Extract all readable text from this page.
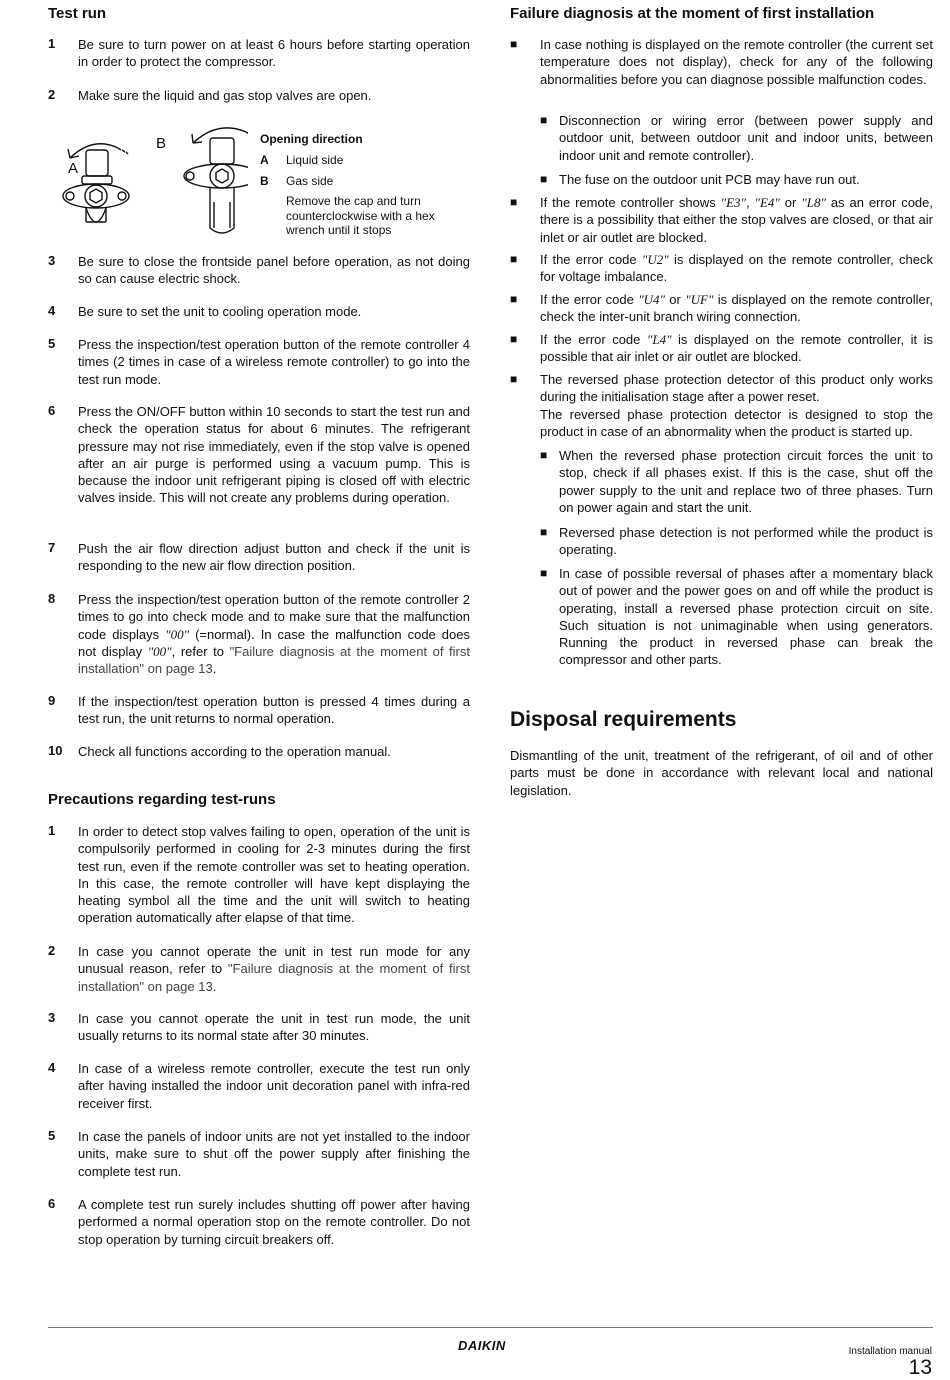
Test run
1 Be sure to turn power on at least 6 hours before starting operation in order to protect the compressor.
2 Make sure the liquid and gas stop valves are open.
A
B	Opening direction
A Liquid side
B Gas side
Remove the cap and turn counterclockwise with a hex wrench until it stops
3 Be sure to close the frontside panel before operation, as not doing so can cause electric shock.
4 Be sure to set the unit to cooling operation mode.
5 Press the inspection/test operation button of the remote controller 4 times (2 times in case of a wireless remote controller) to go into the test run mode.
6 Press the ON/OFF button within 10 seconds to start the test run and check the operation status for about 6 minutes. The refrigerant pressure may not rise immediately, even if the stop valve is opened after an air purge is performed using a vacuum pump. This is because the indoor unit refrigerant piping is closed off with electric valves inside. This will not create any problems during operation.
7 Push the air flow direction adjust button and check if the unit is responding to the new air flow direction position.
8 Press the inspection/test operation button of the remote controller 2 times to go into check mode and to make sure that the malfunction code displays "00" (=normal). In case the malfunction code does not display "00", refer to "Failure diagnosis at the moment of first installation" on page 13.
9 If the inspection/test operation button is pressed 4 times during a test run, the unit returns to normal operation.
10 Check all functions according to the operation manual.
Precautions regarding test-runs
1 In order to detect stop valves failing to open, operation of the unit is compulsorily performed in cooling for 2-3 minutes during the first test run, even if the remote controller was set to heating operation. In this case, the remote controller will have kept displaying the heating symbol all the time and the unit will switch to heating operation automatically after elapse of that time.
2 In case you cannot operate the unit in test run mode for any unusual reason, refer to "Failure diagnosis at the moment of first installation" on page 13.
3 In case you cannot operate the unit in test run mode, the unit usually returns to its normal state after 30 minutes.
4 In case of a wireless remote controller, execute the test run only after having installed the indoor unit decoration panel with infra-red receiver first.
5 In case the panels of indoor units are not yet installed to the indoor units, make sure to shut off the power supply after finishing the complete test run.
6 A complete test run surely includes shutting off power after having performed a normal operation stop on the remote controller. Do not stop operation by turning circuit breakers off.
Failure diagnosis at the moment of first installation
■ In case nothing is displayed on the remote controller (the current set temperature does not display), check for any of the following abnormalities before you can diagnose possible malfunction codes.
■ Disconnection or wiring error (between power supply and outdoor unit, between outdoor unit and indoor units, between indoor unit and remote controller).
■ The fuse on the outdoor unit PCB may have run out.
■ If the remote controller shows "E3", "E4" or "L8" as an error code, there is a possibility that either the stop valves are closed, or that air inlet or air outlet are blocked.
■ If the error code "U2" is displayed on the remote controller, check for voltage imbalance.
■ If the error code "U4" or "UF" is displayed on the remote controller, check the inter-unit branch wiring connection.
■ If the error code "L4" is displayed on the remote controller, it is possible that air inlet or air outlet are blocked.
■ The reversed phase protection detector of this product only works during the initialisation stage after a power reset.
The reversed phase protection detector is designed to stop the product in case of an abnormality when the product is started up.
■ When the reversed phase protection circuit forces the unit to stop, check if all phases exist. If this is the case, shut off the power supply to the unit and replace two of three phases. Turn on power again and start the unit.
■ Reversed phase detection is not performed while the product is operating.
■ In case of possible reversal of phases after a momentary black out of power and the power goes on and off while the product is operating, install a reversed phase protection circuit on site. Such situation is not unimaginable when using generators. Running the product in reversed phase can break the compressor and other parts.
Disposal requirements
Dismantling of the unit, treatment of the refrigerant, of oil and of other parts must be done in accordance with relevant local and national legislation.
DAIKIN	Installation manual
13
